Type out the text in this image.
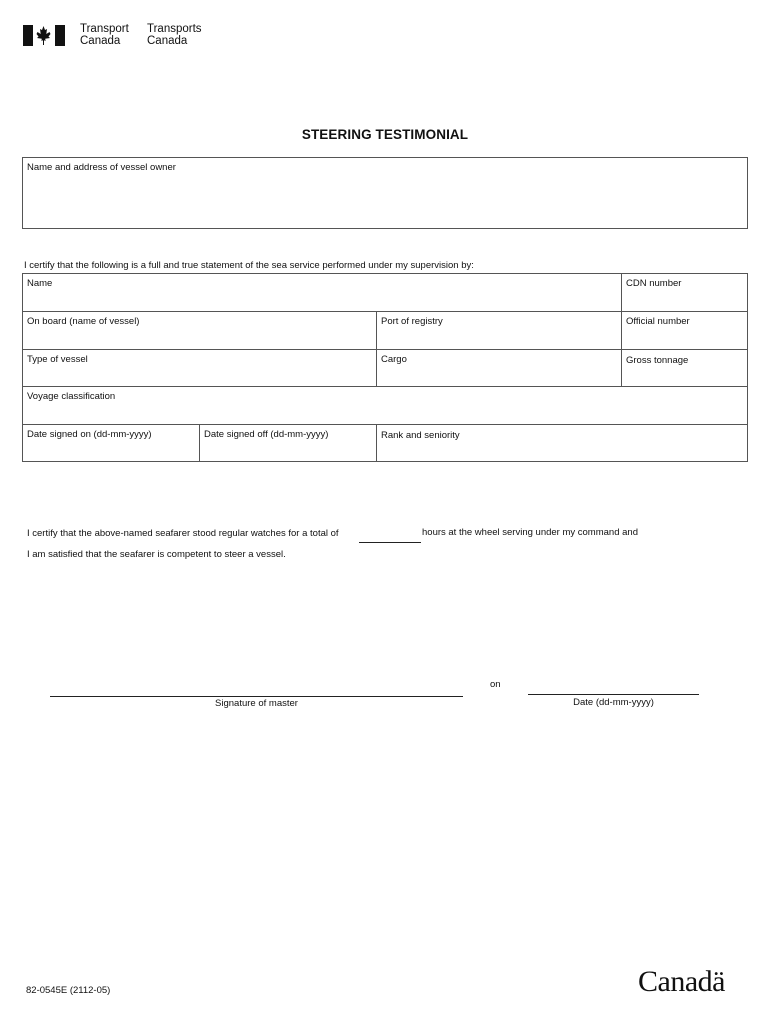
Transport
Canada
Transports
Canada
STEERING TESTIMONIAL
Name and address of vessel owner
I certify that the following is a full and true statement of the sea service performed under my supervision by:
Name	CDN number
On board (name of vessel)	Port of registry	Official number
Type of vessel	Cargo	Gross tonnage
Voyage classification
Date signed on (dd-mm-yyyy)	Date signed off (dd-mm-yyyy)	Rank and seniority
I certify that the above-named seafarer stood regular watches for a total of	hours at the wheel serving under my command and
I am satisfied that the seafarer is competent to steer a vessel.
Signature of master
on
Date (dd-mm-yyyy)
82-0545E (2112-05)	Canadä
